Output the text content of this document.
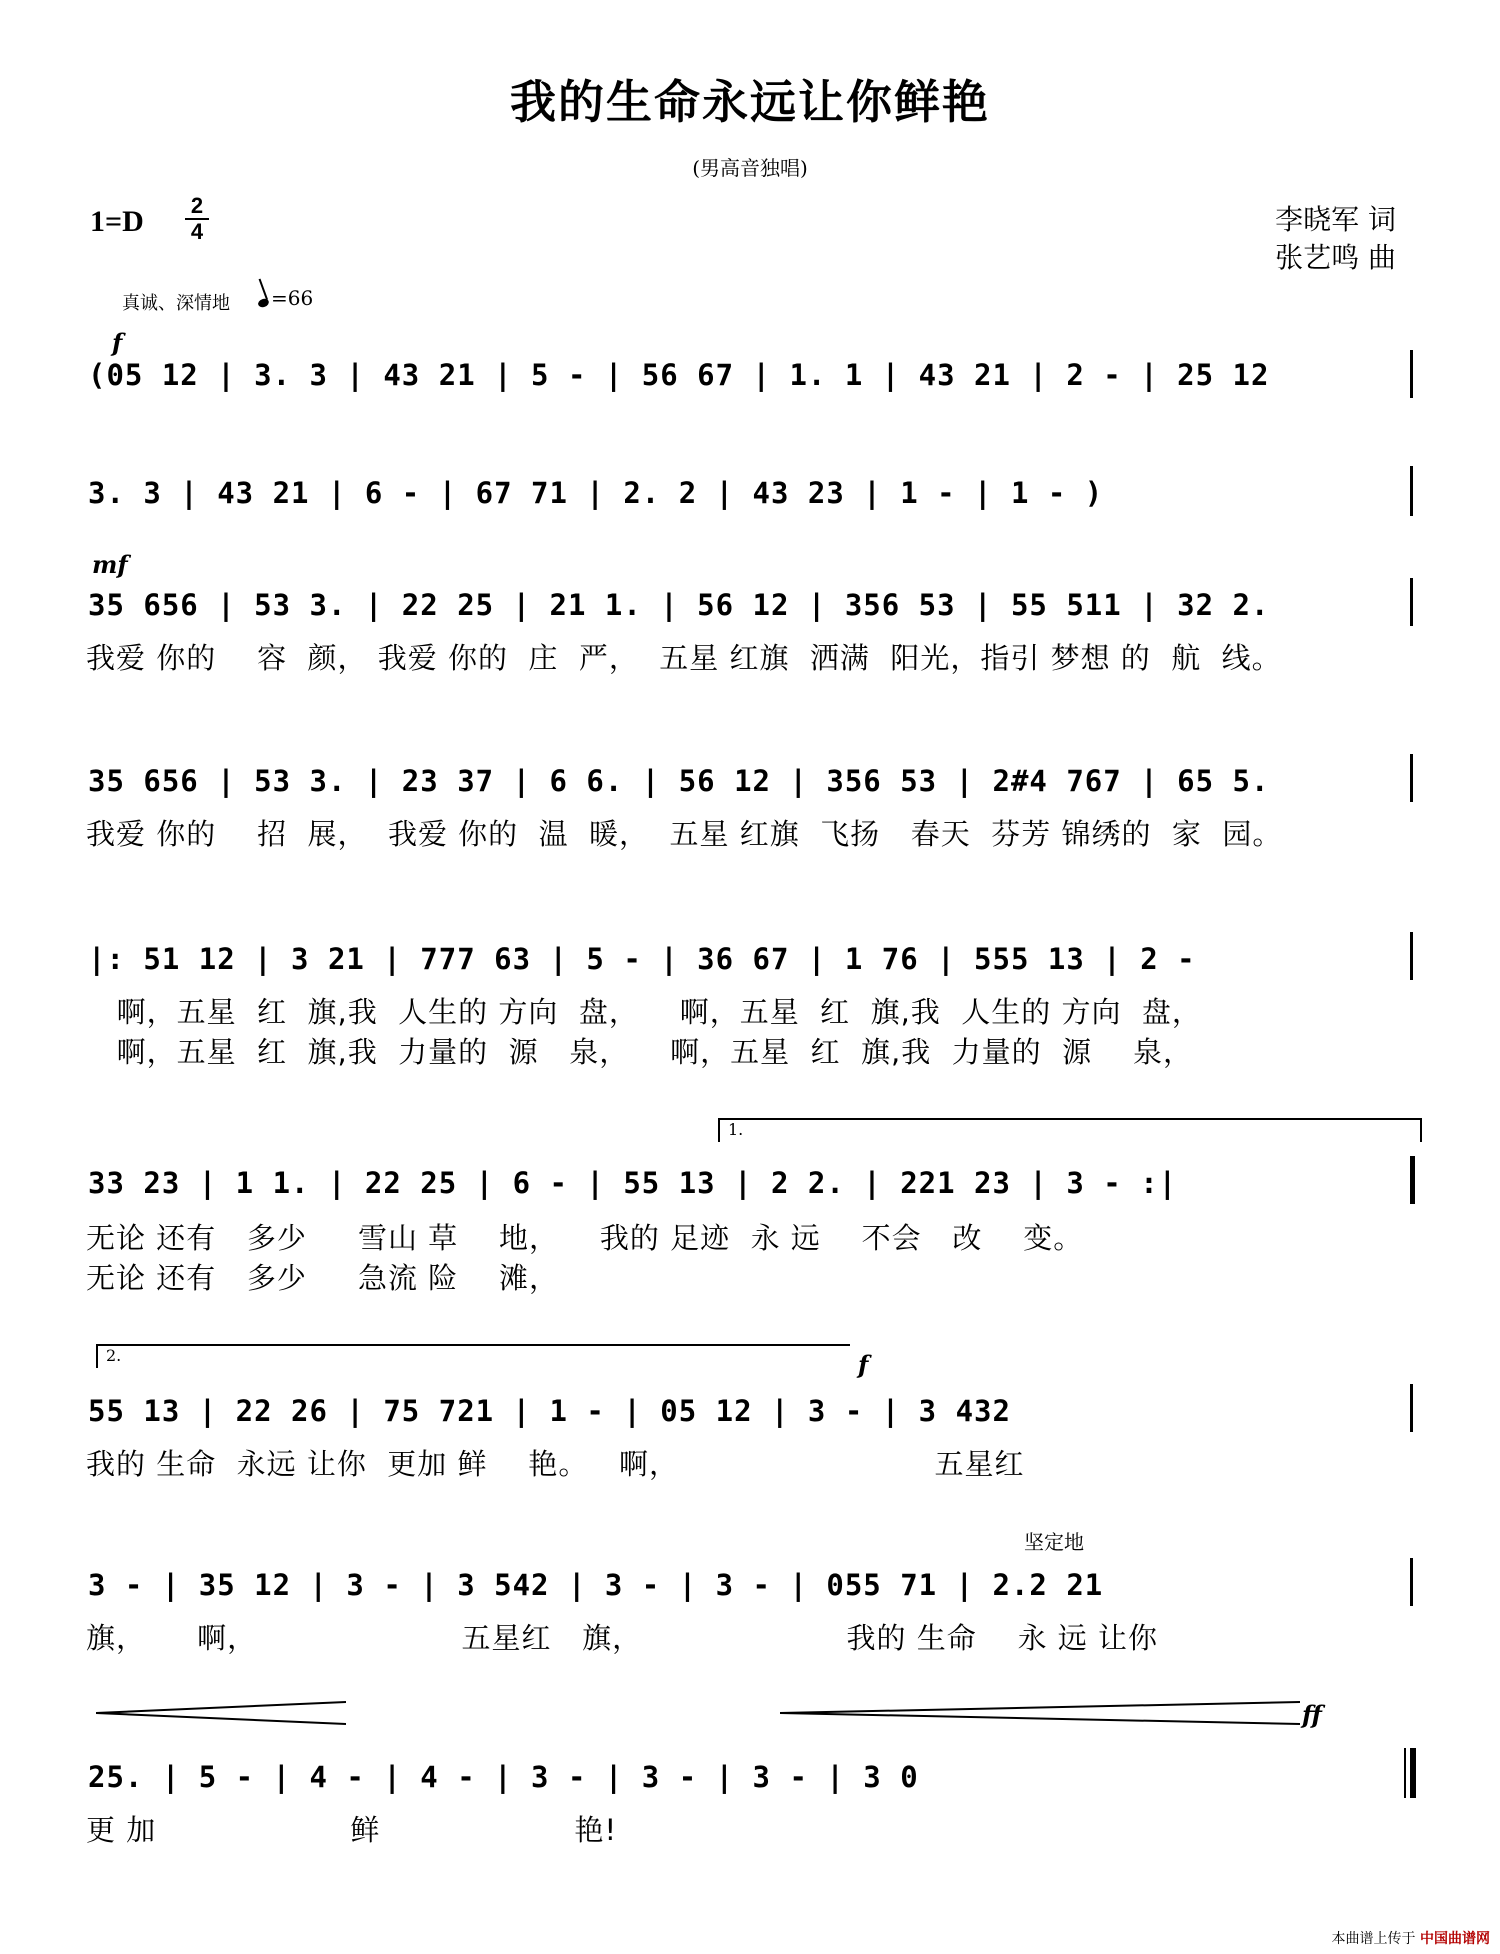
我的生命永远让你鲜艳
(男高音独唱)
1=D 2
4	李晓军 词
张艺鸣 曲
真诚、深情地	=66
f
(05 12 | 3. 3 | 43 21 | 5 - | 56 67 | 1. 1 | 43 21 | 2 - | 25 12
3. 3 | 43 21 | 6 - | 67 71 | 2. 2 | 43 23 | 1 - | 1 - )
mf
35 656 | 53 3. | 22 25 | 21 1. | 56 12 | 356 53 | 55 511 | 32 2.
我爱 你的    容  颜， 我爱 你的  庄  严，  五星 红旗  洒满  阳光，指引 梦想 的  航  线。
35 656 | 53 3. | 23 37 | 6 6. | 56 12 | 356 53 | 2#4 767 | 65 5.
我爱 你的    招  展，  我爱 你的  温  暖，  五星 红旗  飞扬   春天  芬芳 锦绣的  家  园。
|: 51 12 | 3 21 | 777 63 | 5 - | 36 67 | 1 76 | 555 13 | 2 -
啊，五星  红  旗,我  人生的 方向  盘，    啊，五星  红  旗,我  人生的 方向  盘，
啊，五星  红  旗,我  力量的  源   泉，    啊，五星  红  旗,我  力量的  源    泉，
1.
33 23 | 1 1. | 22 25 | 6 - | 55 13 | 2 2. | 221 23 | 3 - :|
无论 还有   多少     雪山 草    地，    我的 足迹  永 远    不会   改    变。
无论 还有   多少     急流 险    滩，
2.	f
55 13 | 22 26 | 75 721 | 1 - | 05 12 | 3 - | 3 432
我的 生命  永远 让你  更加 鲜    艳。   啊，                         五星红
坚定地
3 - | 35 12 | 3 - | 3 542 | 3 - | 3 - | 055 71 | 2.2 21
旗，     啊，                    五星红   旗，                    我的 生命    永 远 让你
ff
25. | 5 - | 4 - | 4 - | 3 - | 3 - | 3 - | 3 0
更 加                   鲜                   艳!
本曲谱上传于 中国曲谱网
